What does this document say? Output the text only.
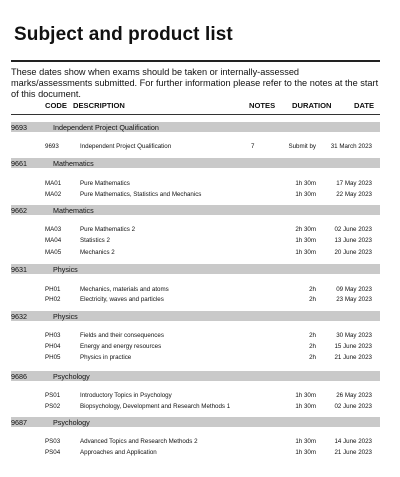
Subject and product list
These dates show when exams should be taken or internally-assessed marks/assessments submitted. For further information please refer to the notes at the start of this document.
CODE DESCRIPTION	NOTES DURATION	DATE
9693	Independent Project Qualification
9693	Independent Project Qualification	7	Submit by 31 March 2023
9661	Mathematics
MA01	Pure Mathematics	1h 30m	17 May 2023
MA02	Pure Mathematics, Statistics and Mechanics	1h 30m	22 May 2023
9662	Mathematics
MA03	Pure Mathematics 2	2h 30m	02 June 2023
MA04	Statistics 2	1h 30m	13 June 2023
MA05	Mechanics 2	1h 30m	20 June 2023
9631	Physics
PH01	Mechanics, materials and atoms	2h	09 May 2023
PH02	Electricity, waves and particles	2h	23 May 2023
9632	Physics
PH03	Fields and their consequences	2h	30 May 2023
PH04	Energy and energy resources	2h	15 June 2023
PH05	Physics in practice	2h	21 June 2023
9686	Psychology
PS01	Introductory Topics in Psychology	1h 30m	26 May 2023
PS02	Biopsychology, Development and Research Methods 1	1h 30m	02 June 2023
9687	Psychology
PS03	Advanced Topics and Research Methods 2	1h 30m	14 June 2023
PS04	Approaches and Application	1h 30m	21 June 2023
